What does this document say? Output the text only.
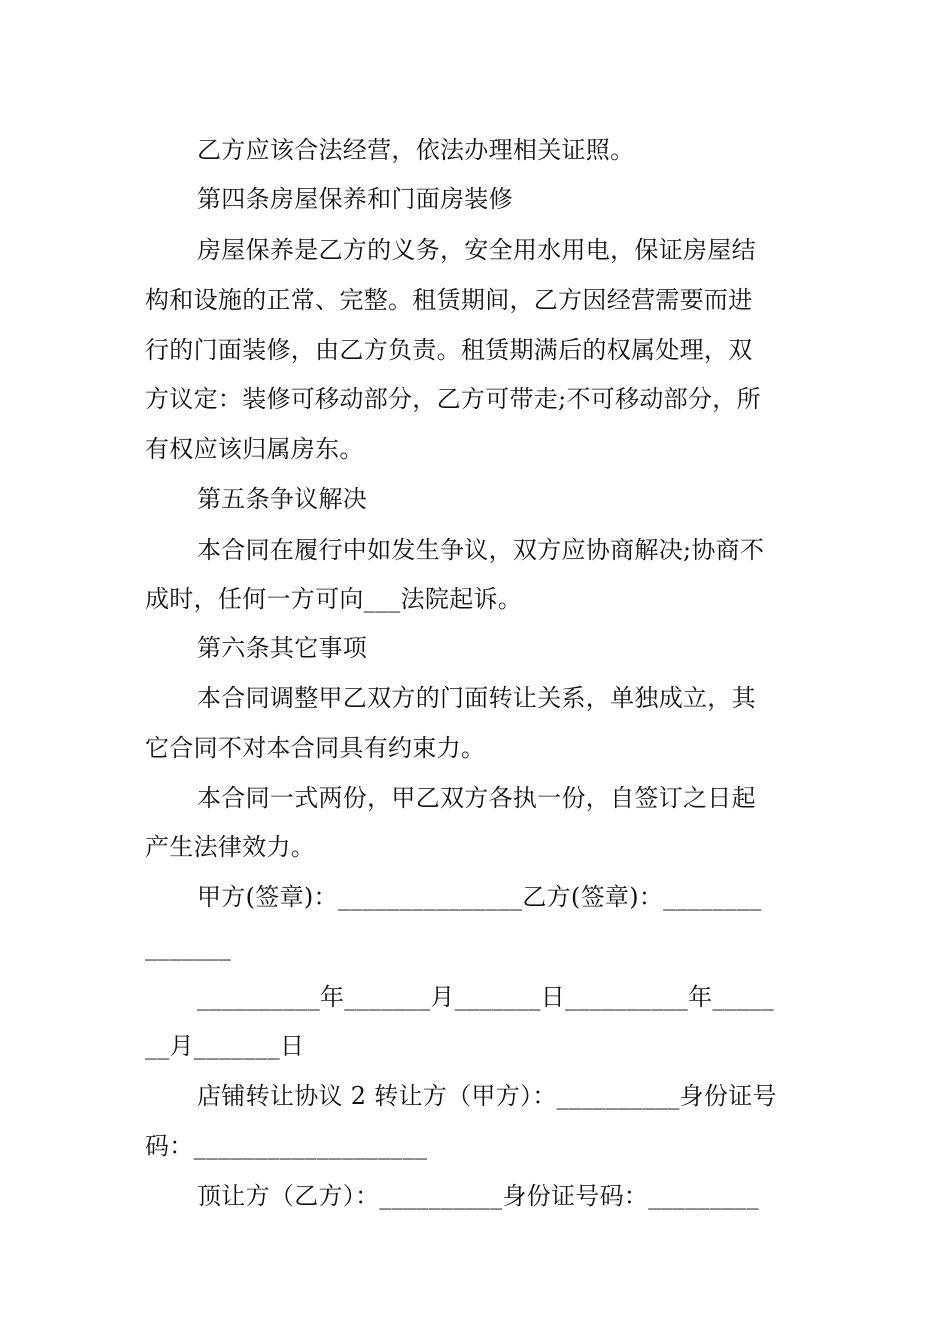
乙方应该合法经营，依法办理相关证照。
第四条房屋保养和门面房装修
房屋保养是乙方的义务，安全用水用电，保证房屋结
构和设施的正常、完整。租赁期间，乙方因经营需要而进
行的门面装修，由乙方负责。租赁期满后的权属处理，双
方议定：装修可移动部分，乙方可带走;不可移动部分，所
有权应该归属房东。
第五条争议解决
本合同在履行中如发生争议，双方应协商解决;协商不
成时，任何一方可向___法院起诉。
第六条其它事项
本合同调整甲乙双方的门面转让关系，单独成立，其
它合同不对本合同具有约束力。
本合同一式两份，甲乙双方各执一份，自签订之日起
产生法律效力。
甲方(签章)：_______________乙方(签章)：________
_______
__________年_______月_______日__________年_____
__月_______日
店铺转让协议 2 转让方（甲方）：__________身份证号
码：___________________
顶让方（乙方）：__________身份证号码：_________
